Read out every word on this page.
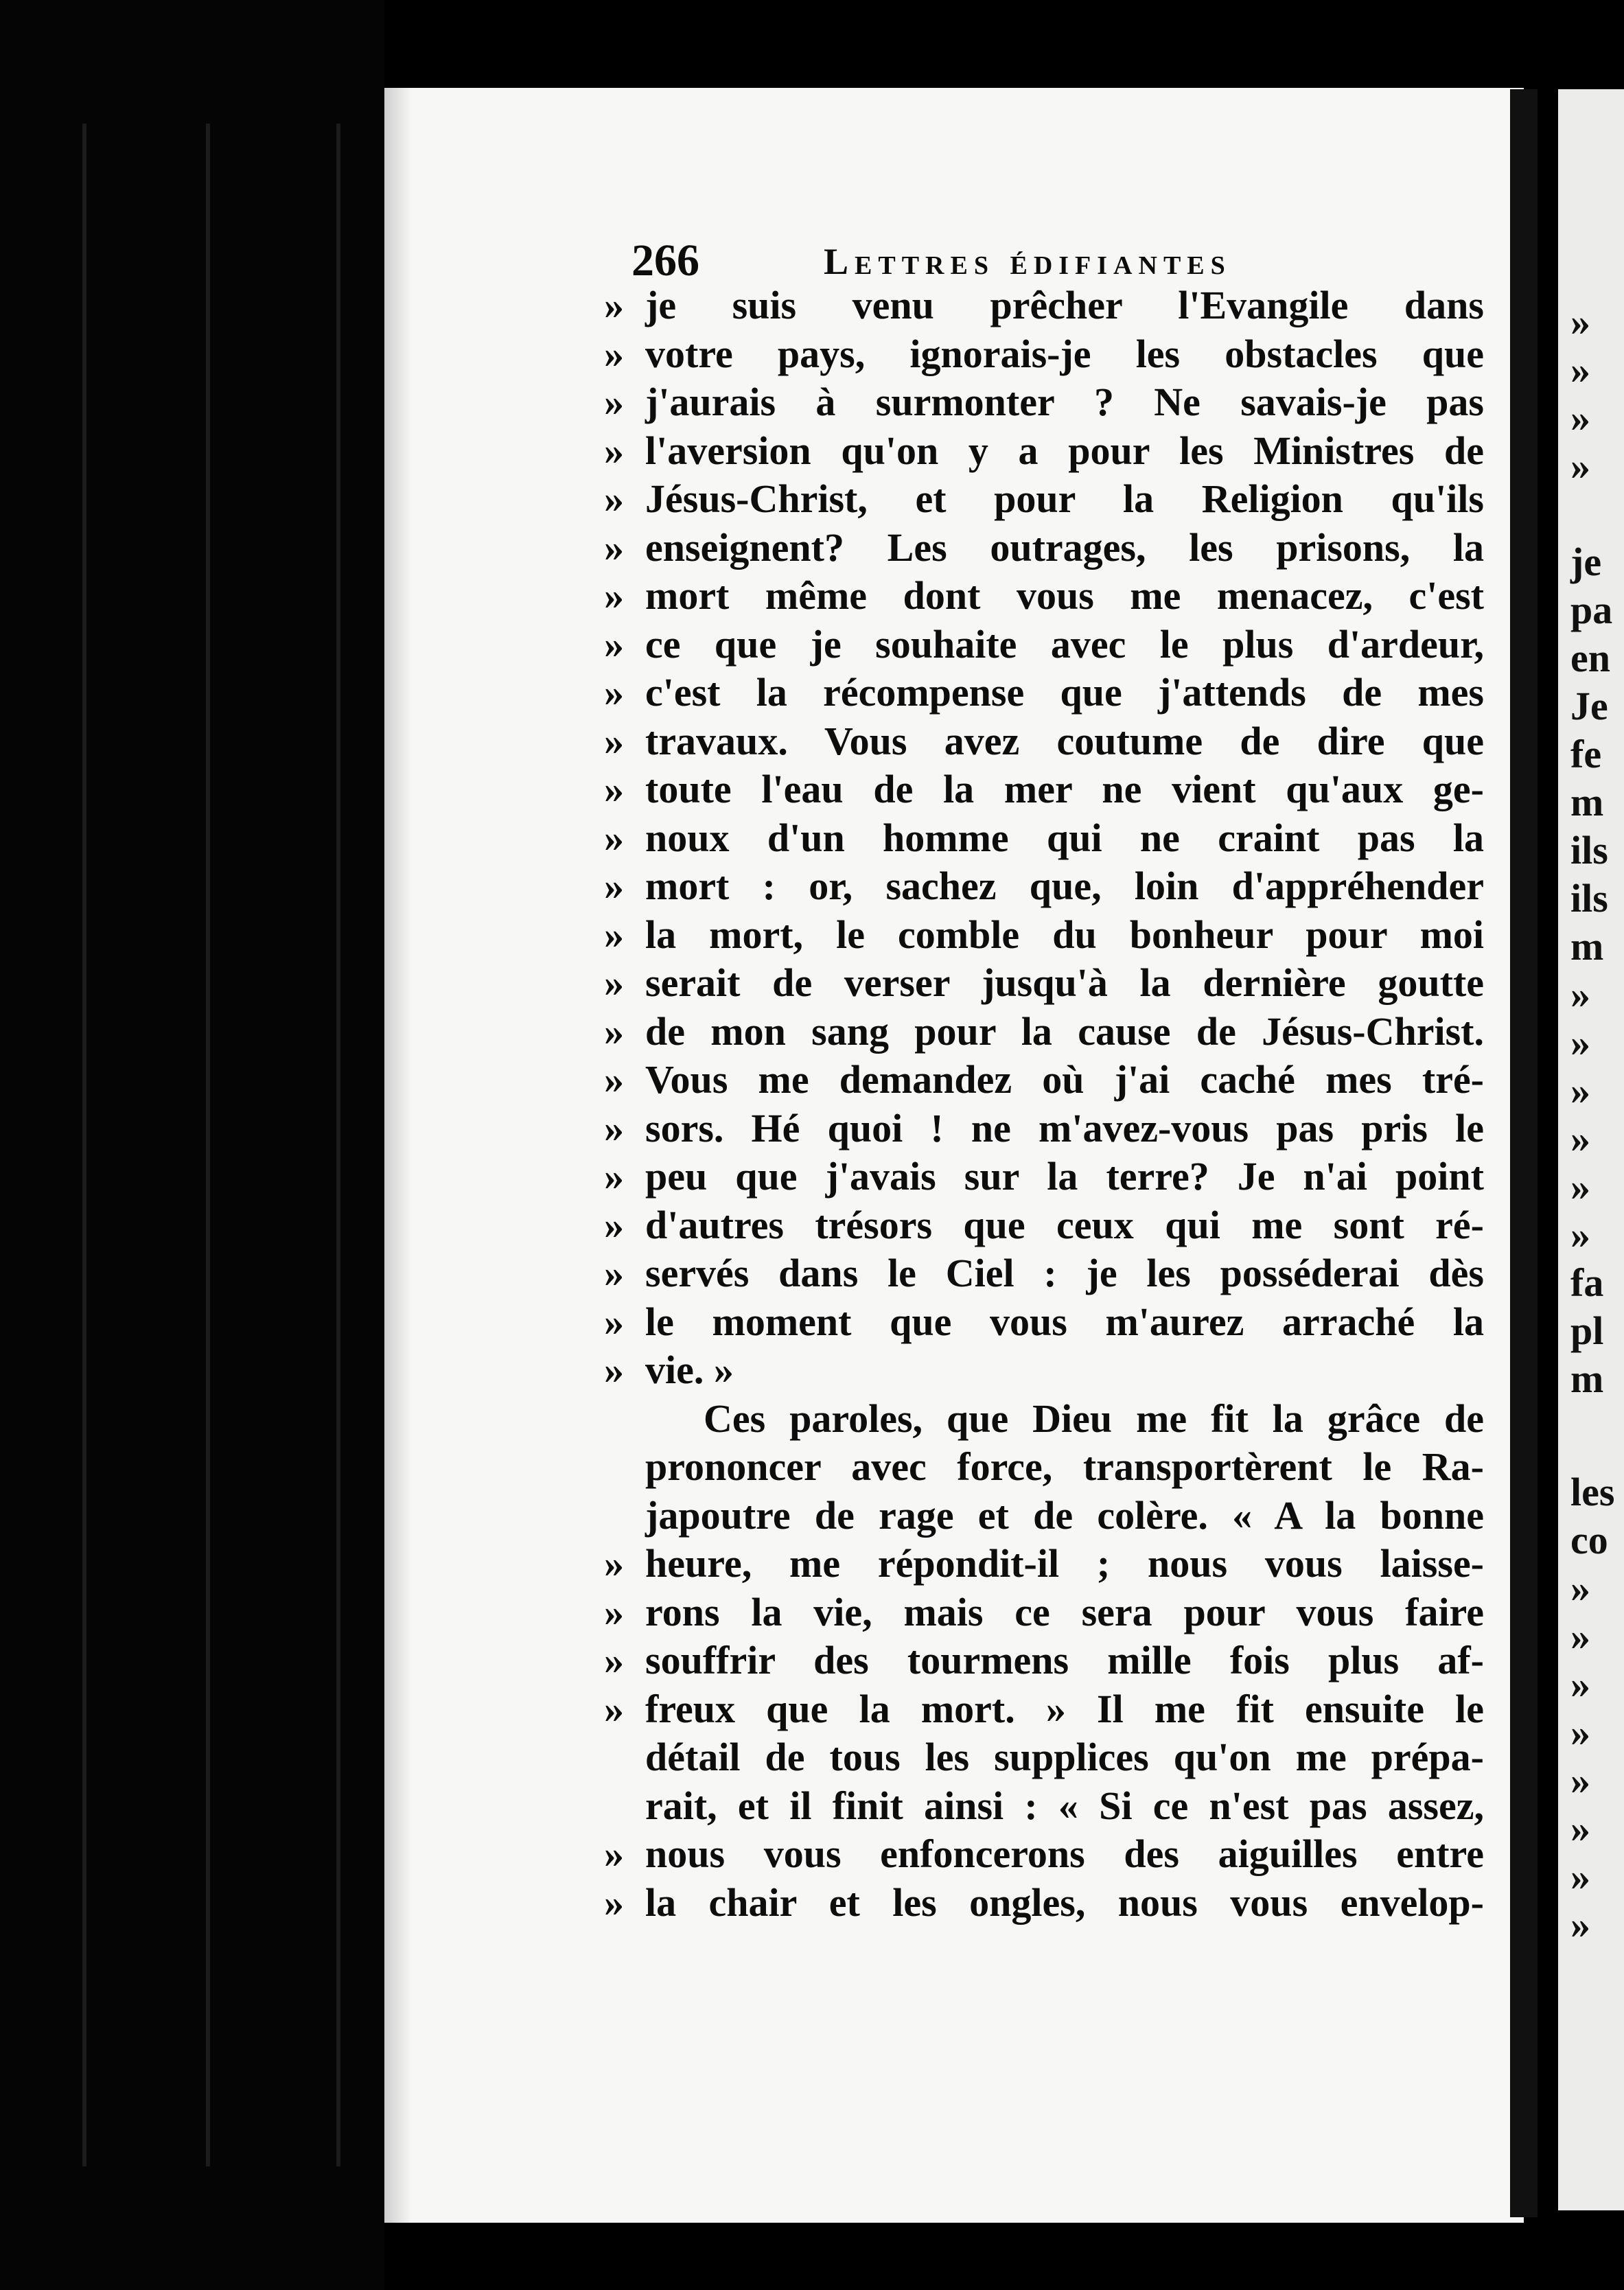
»
»
»
»
je
pa
en
Je
fe
m
ils
ils
m
»
»
»
»
»
»
fa
pl
m
les
co
»
»
»
»
»
»
»
»
266	Lettres édifiantes
» je suis venu prêcher l'Evangile dans
» votre pays, ignorais-je les obstacles que
» j'aurais à surmonter ? Ne savais-je pas
» l'aversion qu'on y a pour les Ministres de
» Jésus-Christ, et pour la Religion qu'ils
» enseignent? Les outrages, les prisons, la
» mort même dont vous me menacez, c'est
» ce que je souhaite avec le plus d'ardeur,
» c'est la récompense que j'attends de mes
» travaux. Vous avez coutume de dire que
» toute l'eau de la mer ne vient qu'aux ge-
» noux d'un homme qui ne craint pas la
» mort : or, sachez que, loin d'appréhender
» la mort, le comble du bonheur pour moi
» serait de verser jusqu'à la dernière goutte
» de mon sang pour la cause de Jésus-Christ.
» Vous me demandez où j'ai caché mes tré-
» sors. Hé quoi ! ne m'avez-vous pas pris le
» peu que j'avais sur la terre? Je n'ai point
» d'autres trésors que ceux qui me sont ré-
» servés dans le Ciel : je les posséderai dès
» le moment que vous m'aurez arraché la
» vie. »
Ces paroles, que Dieu me fit la grâce de
prononcer avec force, transportèrent le Ra-
japoutre de rage et de colère. « A la bonne
» heure, me répondit-il ; nous vous laisse-
» rons la vie, mais ce sera pour vous faire
» souffrir des tourmens mille fois plus af-
» freux que la mort. » Il me fit ensuite le
détail de tous les supplices qu'on me prépa-
rait, et il finit ainsi : « Si ce n'est pas assez,
» nous vous enfoncerons des aiguilles entre
» la chair et les ongles, nous vous envelop-
